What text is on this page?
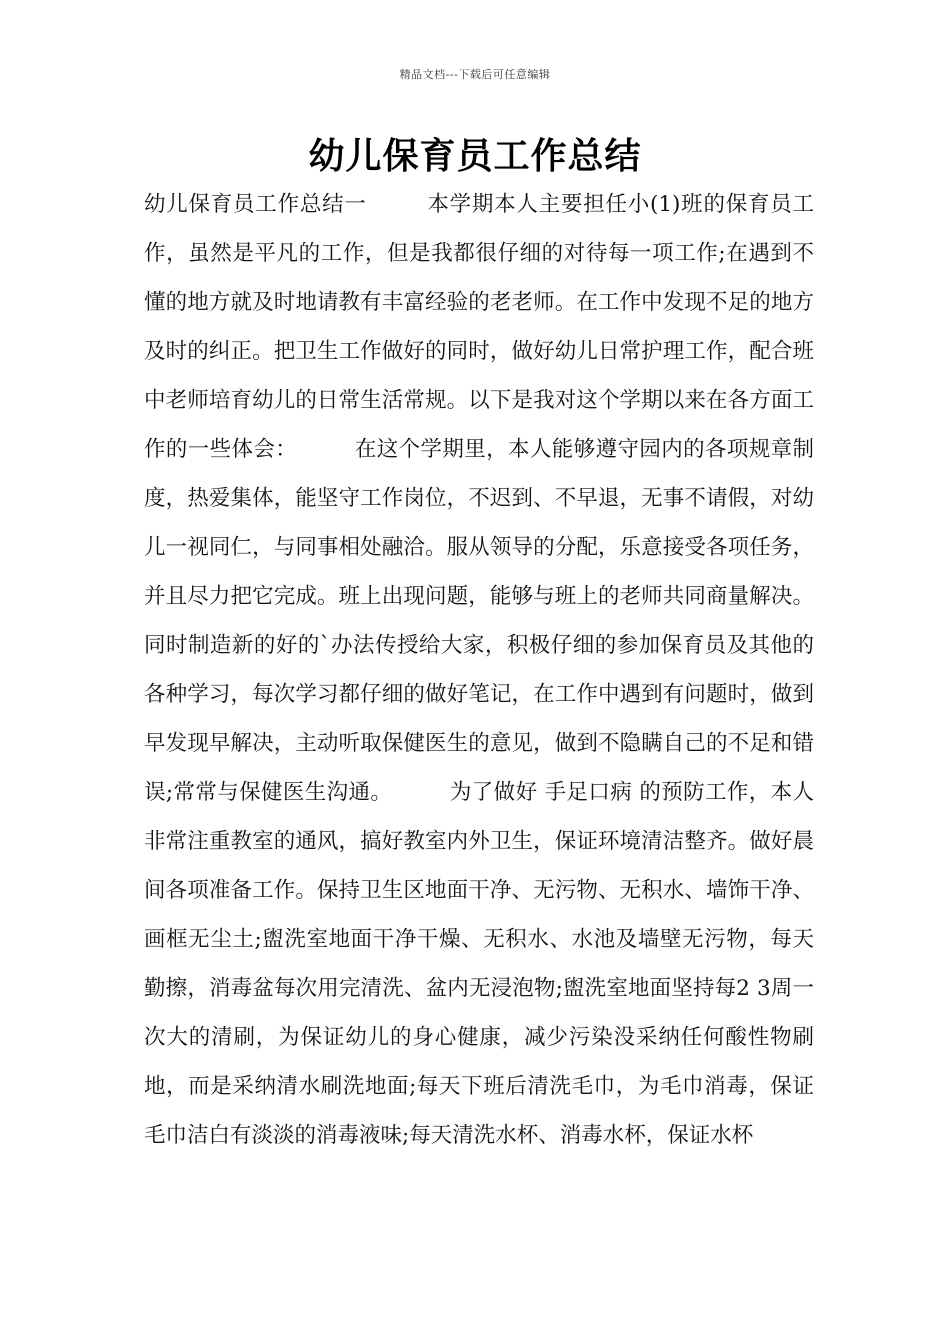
精品文档---下载后可任意编辑
幼儿保育员工作总结

幼儿保育员工作总结一        本学期本人主要担任小(1)班的保育员工作，虽然是平凡的工作，但是我都很仔细的对待每一项工作;在遇到不懂的地方就及时地请教有丰富经验的老老师。在工作中发现不足的地方及时的纠正。把卫生工作做好的同时，做好幼儿日常护理工作，配合班中老师培育幼儿的日常生活常规。以下是我对这个学期以来在各方面工作的一些体会：        在这个学期里，本人能够遵守园内的各项规章制度，热爱集体，能坚守工作岗位，不迟到、不早退，无事不请假，对幼儿一视同仁，与同事相处融洽。服从领导的分配，乐意接受各项任务，并且尽力把它完成。班上出现问题，能够与班上的老师共同商量解决。同时制造新的好的`办法传授给大家，积极仔细的参加保育员及其他的各种学习，每次学习都仔细的做好笔记，在工作中遇到有问题时，做到早发现早解决，主动听取保健医生的意见，做到不隐瞒自己的不足和错误;常常与保健医生沟通。        为了做好 手足口病 的预防工作，本人非常注重教室的通风，搞好教室内外卫生，保证环境清洁整齐。做好晨间各项准备工作。保持卫生区地面干净、无污物、无积水、墙饰干净、画框无尘土;盥洗室地面干净干燥、无积水、水池及墙壁无污物，每天勤擦，消毒盆每次用完清洗、盆内无浸泡物;盥洗室地面坚持每2 3周一次大的清刷，为保证幼儿的身心健康，减少污染没采纳任何酸性物刷地，而是采纳清水刷洗地面;每天下班后清洗毛巾，为毛巾消毒，保证毛巾洁白有淡淡的消毒液味;每天清洗水杯、消毒水杯，保证水杯
